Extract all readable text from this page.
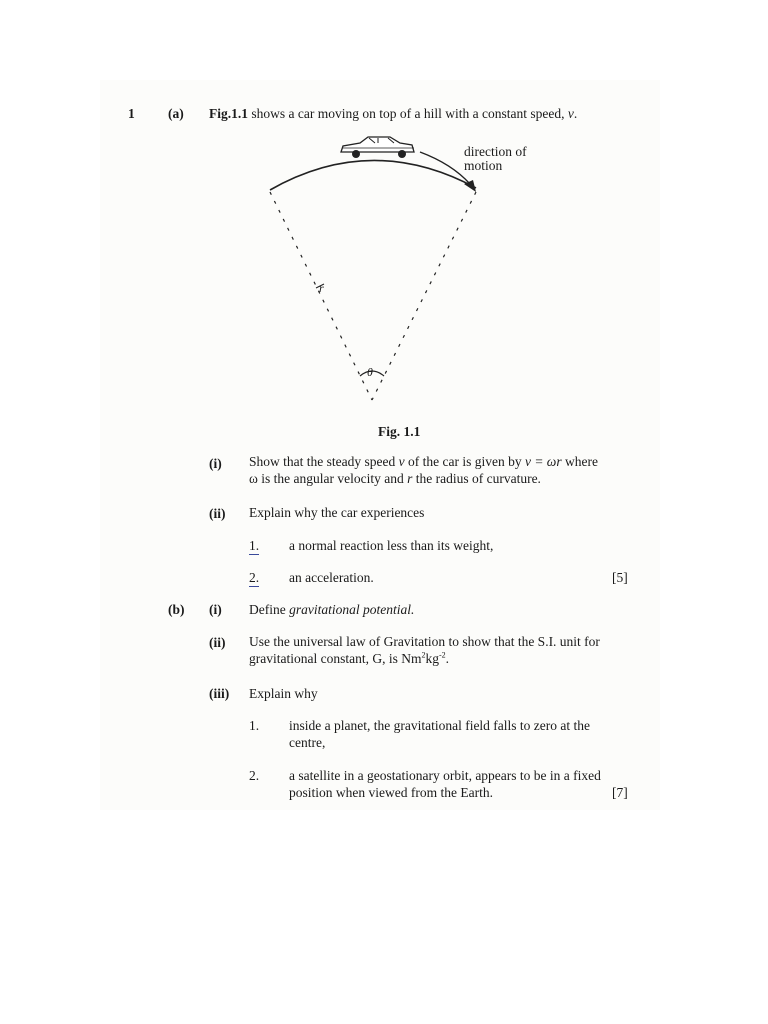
1 (a) Fig.1.1 shows a car moving on top of a hill with a constant speed, v.
direction of
motion
r
θ
Fig. 1.1
(i) Show that the steady speed v of the car is given by v = ωr where
ω is the angular velocity and r the radius of curvature.
(ii) Explain why the car experiences
1. a normal reaction less than its weight,
2. an acceleration.	[5]
(b) (i) Define gravitational potential.
(ii) Use the universal law of Gravitation to show that the S.I. unit for
gravitational constant, G, is $Nm^2kg^{-2}$.
(iii) Explain why
1. inside a planet, the gravitational field falls to zero at the
centre,
2. a satellite in a geostationary orbit, appears to be in a fixed
position when viewed from the Earth.	[7]
